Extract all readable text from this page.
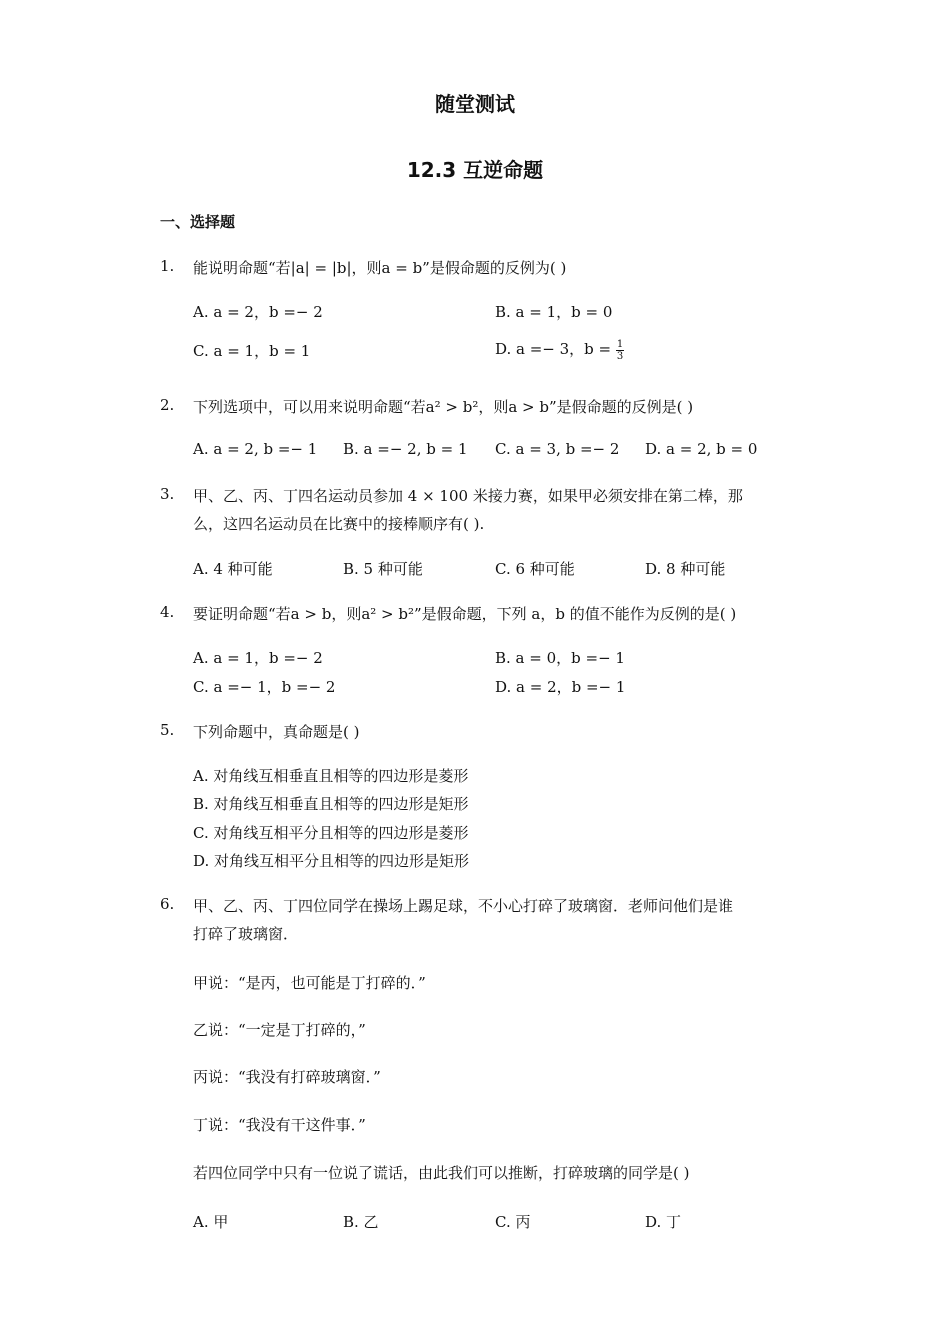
随堂测试
12.3 互逆命题
一、选择题
1. 能说明命题“若|a| = |b|，则a = b”是假命题的反例为( )
A. a = 2，b =− 2	B. a = 1，b = 0
C. a = 1，b = 1	D. a =− 3，$b = \frac{1}{3}$
2. 下列选项中，可以用来说明命题“若a² > b²，则a > b”是假命题的反例是( )
A. a = 2, b =− 1 B. a =− 2, b = 1 C. a = 3, b =− 2 D. a = 2, b = 0
3. 甲、乙、丙、丁四名运动员参加 4 × 100 米接力赛，如果甲必须安排在第二棒，那
么，这四名运动员在比赛中的接棒顺序有( ).
A. 4 种可能	B. 5 种可能	C. 6 种可能	D. 8 种可能
4. 要证明命题“若a > b，则a² > b²”是假命题，下列 a，b 的值不能作为反例的是( )
A. a = 1，b =− 2	B. a = 0，b =− 1
C. a =− 1，b =− 2	D. a = 2，b =− 1
5. 下列命题中，真命题是( )
A. 对角线互相垂直且相等的四边形是菱形
B. 对角线互相垂直且相等的四边形是矩形
C. 对角线互相平分且相等的四边形是菱形
D. 对角线互相平分且相等的四边形是矩形
6. 甲、乙、丙、丁四位同学在操场上踢足球，不小心打碎了玻璃窗．老师问他们是谁
打碎了玻璃窗．
甲说：“是丙，也可能是丁打碎的．”
乙说：“一定是丁打碎的，”
丙说：“我没有打碎玻璃窗．”
丁说：“我没有干这件事．”
若四位同学中只有一位说了谎话，由此我们可以推断，打碎玻璃的同学是( )
A. 甲	B. 乙	C. 丙	D. 丁
